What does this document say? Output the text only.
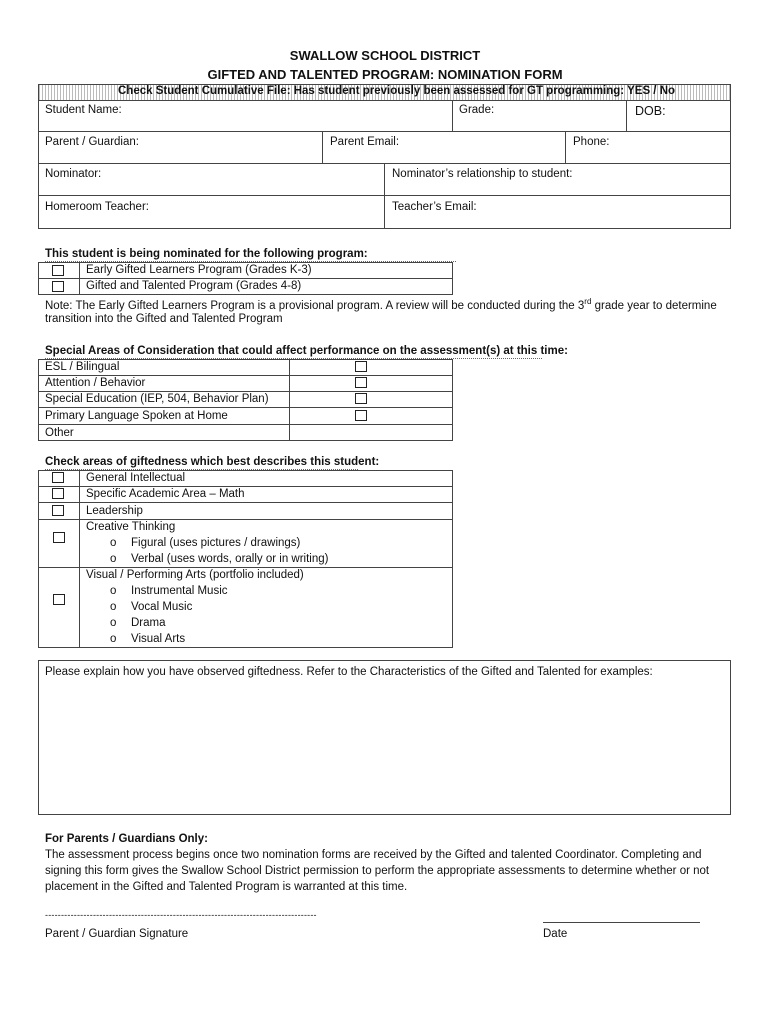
SWALLOW SCHOOL DISTRICT
GIFTED AND TALENTED PROGRAM: NOMINATION FORM
Check Student Cumulative File: Has student previously been assessed for GT programming: YES / No
Student Name:	Grade:	DOB:
Parent / Guardian:	Parent Email:	Phone:
Nominator:	Nominator’s relationship to student:
Homeroom Teacher:	Teacher’s Email:
This student is being nominated for the following program:
Early Gifted Learners Program (Grades K-3)
Gifted and Talented Program (Grades 4-8)
Note: The Early Gifted Learners Program is a provisional program. A review will be conducted during the 3rd grade year to determine
transition into the Gifted and Talented Program
Special Areas of Consideration that could affect performance on the assessment(s) at this time:
ESL / Bilingual
Attention / Behavior
Special Education (IEP, 504, Behavior Plan)
Primary Language Spoken at Home
Other
Check areas of giftedness which best describes this student:
General Intellectual
Specific Academic Area – Math
Leadership
Creative Thinking
o Figural (uses pictures / drawings)
o Verbal (uses words, orally or in writing)
Visual / Performing Arts (portfolio included)
o Instrumental Music
o Vocal Music
o Drama
o Visual Arts
Please explain how you have observed giftedness. Refer to the Characteristics of the Gifted and Talented for examples:
For Parents / Guardians Only:
The assessment process begins once two nomination forms are received by the Gifted and talented Coordinator. Completing and
signing this form gives the Swallow School District permission to perform the appropriate assessments to determine whether or not
placement in the Gifted and Talented Program is warranted at this time.
-------------------------------------------------------------------------------------
Parent / Guardian Signature	Date
